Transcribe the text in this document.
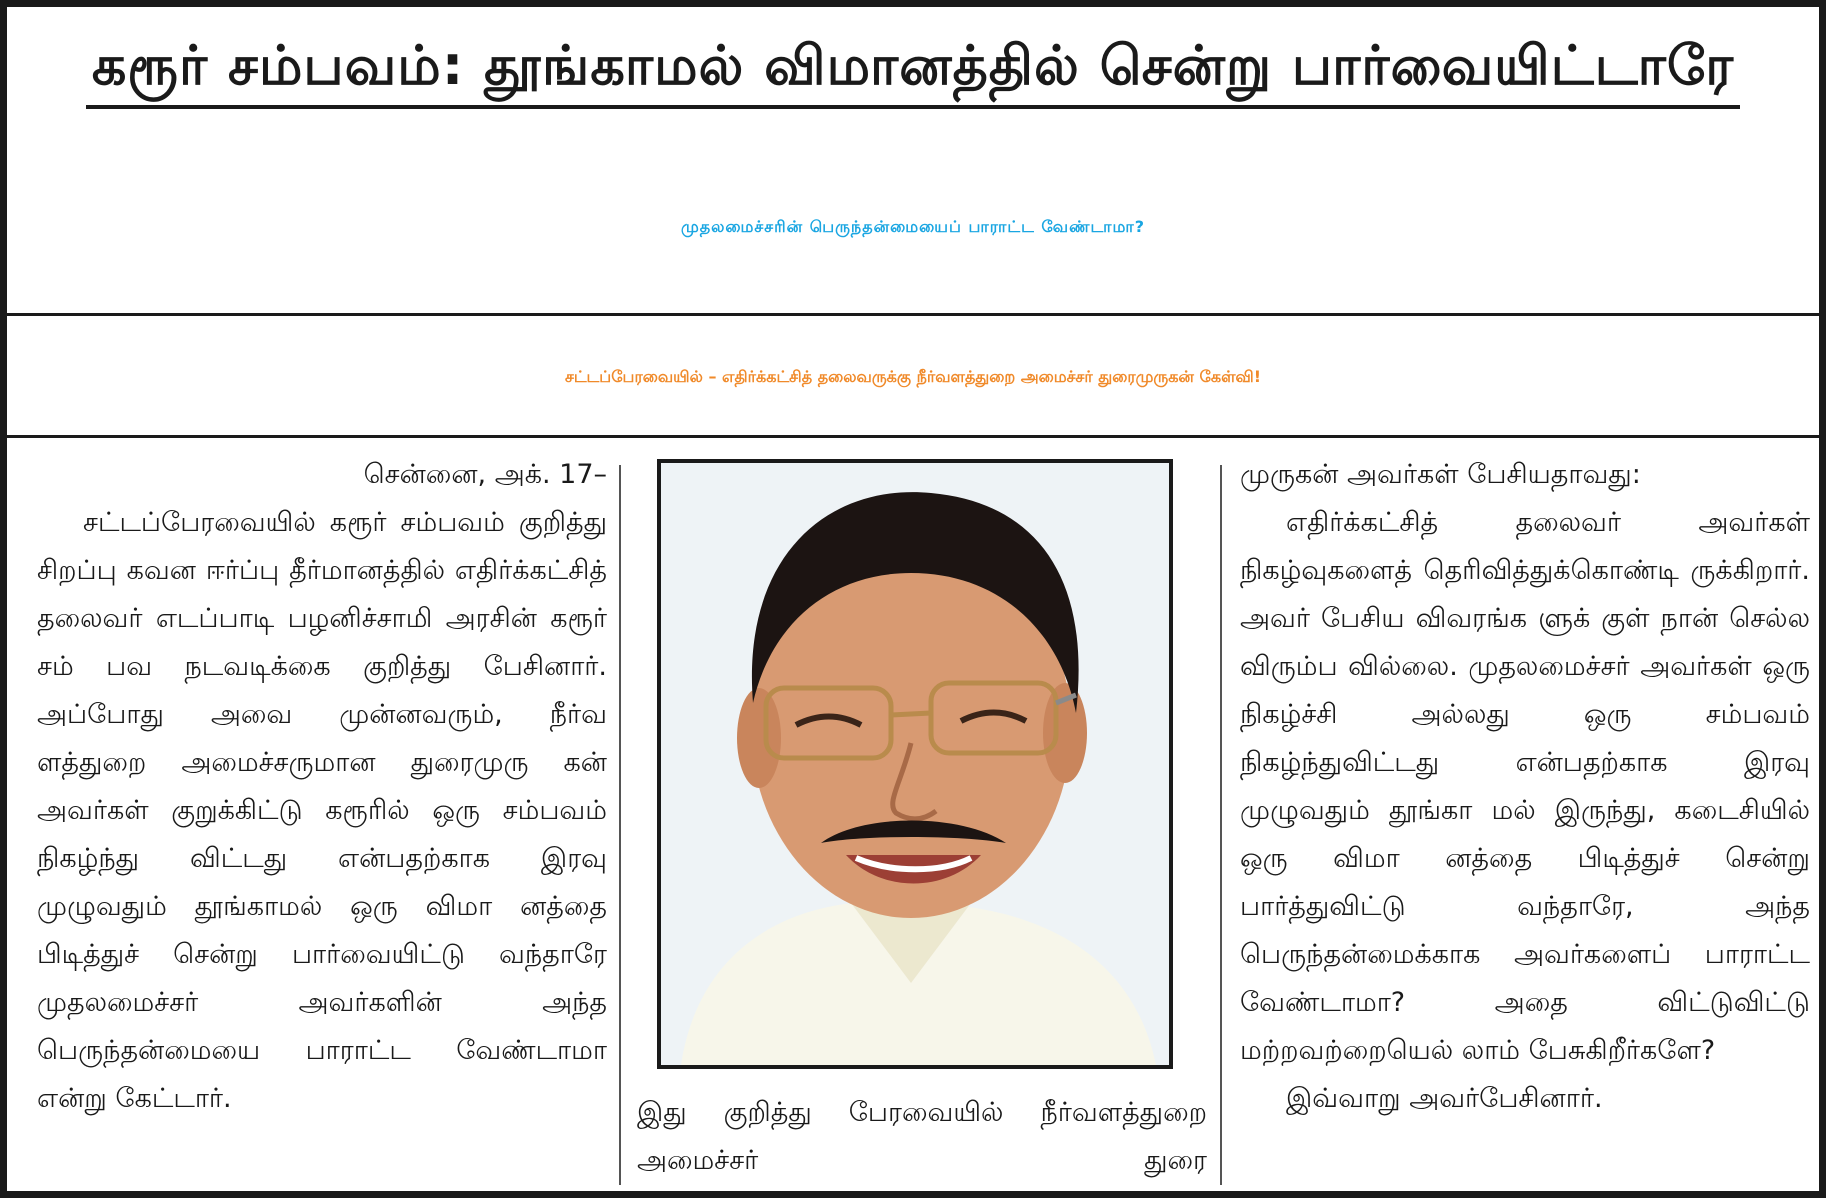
கரூர் சம்பவம்: தூங்காமல் விமானத்தில் சென்று பார்வையிட்டாரே
முதலமைச்சரின் பெருந்தன்மையைப் பாராட்ட வேண்டாமா?
சட்டப்பேரவையில் – எதிர்க்கட்சித் தலைவருக்கு நீர்வளத்துறை அமைச்சர் துரைமுருகன் கேள்வி!

சென்னை, அக். 17–

சட்டப்பேரவையில் கரூர் சம்பவம் குறித்து சிறப்பு கவன ஈர்ப்பு தீர்மானத்தில் எதிர்க்கட்சித் தலைவர் எடப்பாடி பழனிச்சாமி அரசின் கரூர் சம் பவ நடவடிக்கை குறித்து பேசினார். அப்போது அவை முன்னவரும், நீர்வ ளத்துறை அமைச்சருமான துரைமுரு கன் அவர்கள் குறுக்கிட்டு கரூரில் ஒரு சம்பவம் நிகழ்ந்து விட்டது என்பதற்காக இரவு முழுவதும் தூங்காமல் ஒரு விமா னத்தை பிடித்துச் சென்று பார்வையிட்டு வந்தாரே முதலமைச்சர் அவர்களின் அந்த பெருந்தன்மையை பாராட்ட வேண்டாமா என்று கேட்டார்.	இது குறித்து பேரவையில் நீர்வளத்துறை அமைச்சர் துரை

முருகன் அவர்கள் பேசியதாவது:

எதிர்க்கட்சித் தலைவர் அவர்கள் நிகழ்வுகளைத் தெரிவித்துக்கொண்டி ருக்கிறார். அவர் பேசிய விவரங்க ளுக் குள் நான் செல்ல விரும்ப வில்லை. முதலமைச்சர் அவர்கள் ஒரு நிகழ்ச்சி அல்லது ஒரு சம்பவம் நிகழ்ந்துவிட்டது என்பதற்காக இரவு முழுவதும் தூங்கா மல் இருந்து, கடைசியில் ஒரு விமா னத்தை பிடித்துச் சென்று பார்த்துவிட்டு வந்தாரே, அந்த பெருந்தன்மைக்காக அவர்களைப் பாராட்ட வேண்டாமா? அதை விட்டுவிட்டு மற்றவற்றையெல் லாம் பேசுகிறீர்களே?

இவ்வாறு அவர்பேசினார்.
